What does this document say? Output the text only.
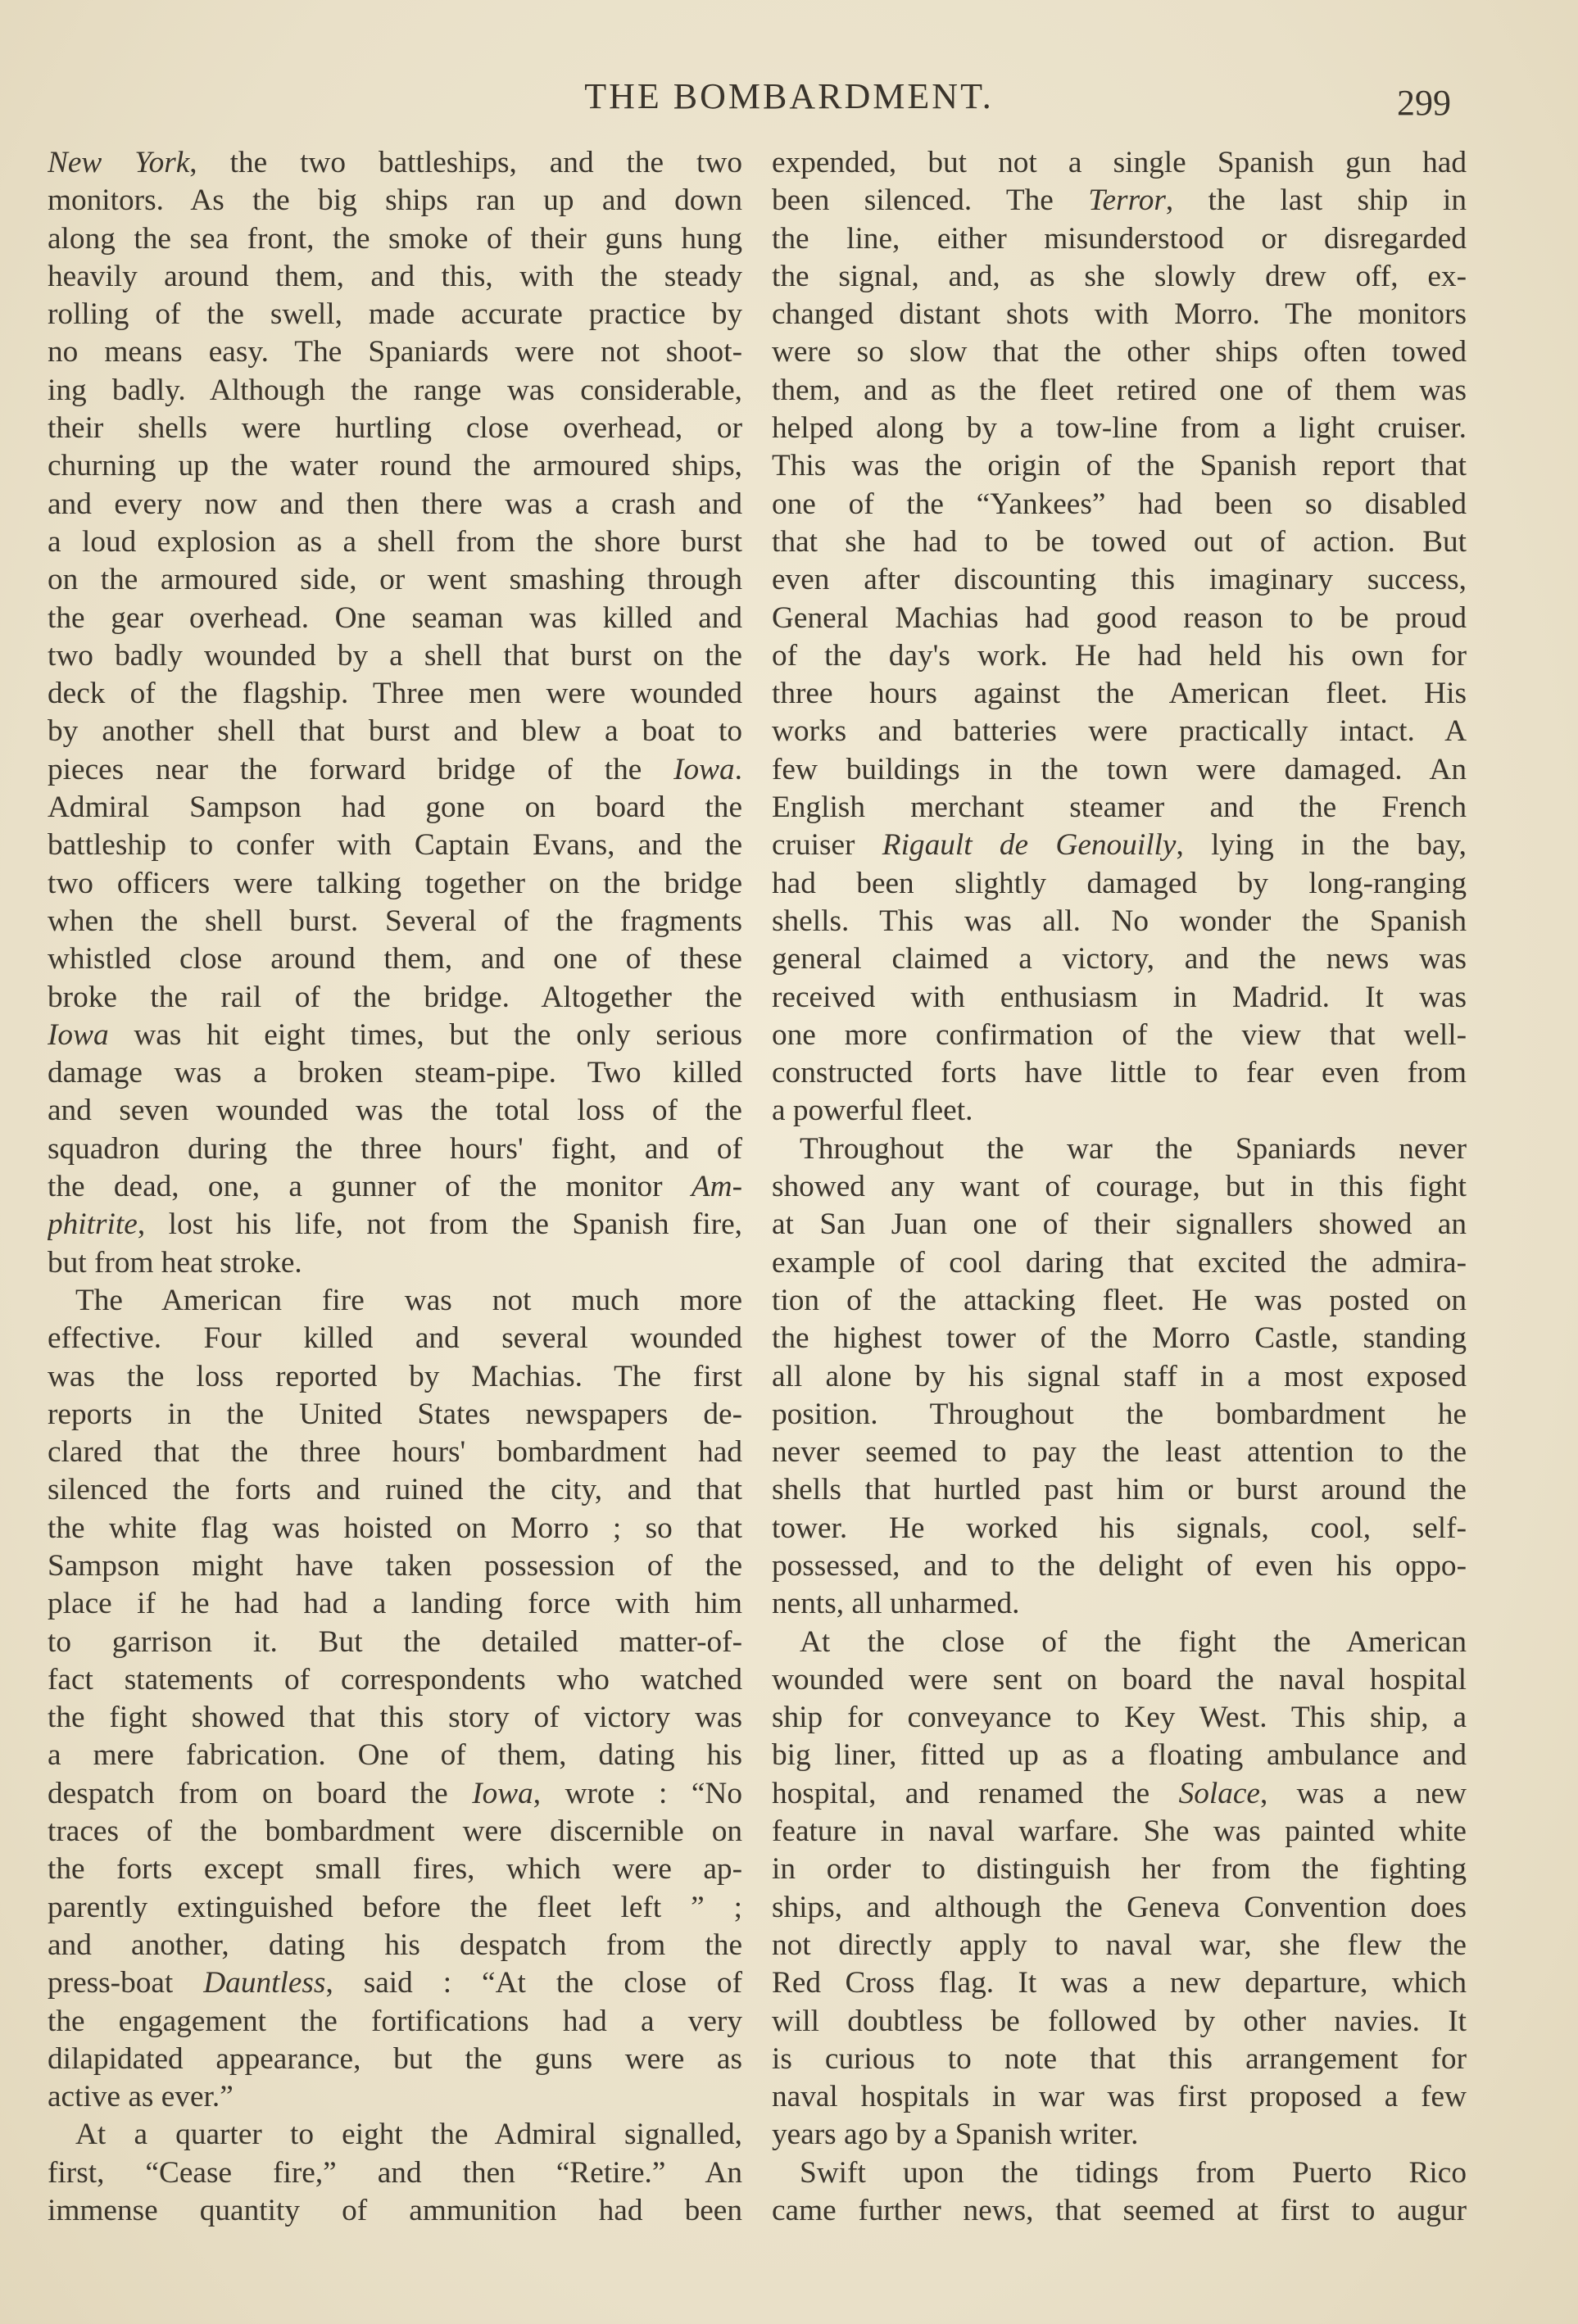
THE BOMBARDMENT.	299
New York, the two battleships, and the two
monitors. As the big ships ran up and down
along the sea front, the smoke of their guns hung
heavily around them, and this, with the steady
rolling of the swell, made accurate practice by
no means easy. The Spaniards were not shoot-
ing badly. Although the range was considerable,
their shells were hurtling close overhead, or
churning up the water round the armoured ships,
and every now and then there was a crash and
a loud explosion as a shell from the shore burst
on the armoured side, or went smashing through
the gear overhead. One seaman was killed and
two badly wounded by a shell that burst on the
deck of the flagship. Three men were wounded
by another shell that burst and blew a boat to
pieces near the forward bridge of the Iowa.
Admiral Sampson had gone on board the
battleship to confer with Captain Evans, and the
two officers were talking together on the bridge
when the shell burst. Several of the fragments
whistled close around them, and one of these
broke the rail of the bridge. Altogether the
Iowa was hit eight times, but the only serious
damage was a broken steam-pipe. Two killed
and seven wounded was the total loss of the
squadron during the three hours' fight, and of
the dead, one, a gunner of the monitor Am-
phitrite, lost his life, not from the Spanish fire,
but from heat stroke.
The American fire was not much more
effective. Four killed and several wounded
was the loss reported by Machias. The first
reports in the United States newspapers de-
clared that the three hours' bombardment had
silenced the forts and ruined the city, and that
the white flag was hoisted on Morro ; so that
Sampson might have taken possession of the
place if he had had a landing force with him
to garrison it. But the detailed matter-of-
fact statements of correspondents who watched
the fight showed that this story of victory was
a mere fabrication. One of them, dating his
despatch from on board the Iowa, wrote : “No
traces of the bombardment were discernible on
the forts except small fires, which were ap-
parently extinguished before the fleet left ” ;
and another, dating his despatch from the
press-boat Dauntless, said : “At the close of
the engagement the fortifications had a very
dilapidated appearance, but the guns were as
active as ever.”
At a quarter to eight the Admiral signalled,
first, “Cease fire,” and then “Retire.” An
immense quantity of ammunition had been
expended, but not a single Spanish gun had
been silenced. The Terror, the last ship in
the line, either misunderstood or disregarded
the signal, and, as she slowly drew off, ex-
changed distant shots with Morro. The monitors
were so slow that the other ships often towed
them, and as the fleet retired one of them was
helped along by a tow-line from a light cruiser.
This was the origin of the Spanish report that
one of the “Yankees” had been so disabled
that she had to be towed out of action. But
even after discounting this imaginary success,
General Machias had good reason to be proud
of the day's work. He had held his own for
three hours against the American fleet. His
works and batteries were practically intact. A
few buildings in the town were damaged. An
English merchant steamer and the French
cruiser Rigault de Genouilly, lying in the bay,
had been slightly damaged by long-ranging
shells. This was all. No wonder the Spanish
general claimed a victory, and the news was
received with enthusiasm in Madrid. It was
one more confirmation of the view that well-
constructed forts have little to fear even from
a powerful fleet.
Throughout the war the Spaniards never
showed any want of courage, but in this fight
at San Juan one of their signallers showed an
example of cool daring that excited the admira-
tion of the attacking fleet. He was posted on
the highest tower of the Morro Castle, standing
all alone by his signal staff in a most exposed
position. Throughout the bombardment he
never seemed to pay the least attention to the
shells that hurtled past him or burst around the
tower. He worked his signals, cool, self-
possessed, and to the delight of even his oppo-
nents, all unharmed.
At the close of the fight the American
wounded were sent on board the naval hospital
ship for conveyance to Key West. This ship, a
big liner, fitted up as a floating ambulance and
hospital, and renamed the Solace, was a new
feature in naval warfare. She was painted white
in order to distinguish her from the fighting
ships, and although the Geneva Convention does
not directly apply to naval war, she flew the
Red Cross flag. It was a new departure, which
will doubtless be followed by other navies. It
is curious to note that this arrangement for
naval hospitals in war was first proposed a few
years ago by a Spanish writer.
Swift upon the tidings from Puerto Rico
came further news, that seemed at first to augur
